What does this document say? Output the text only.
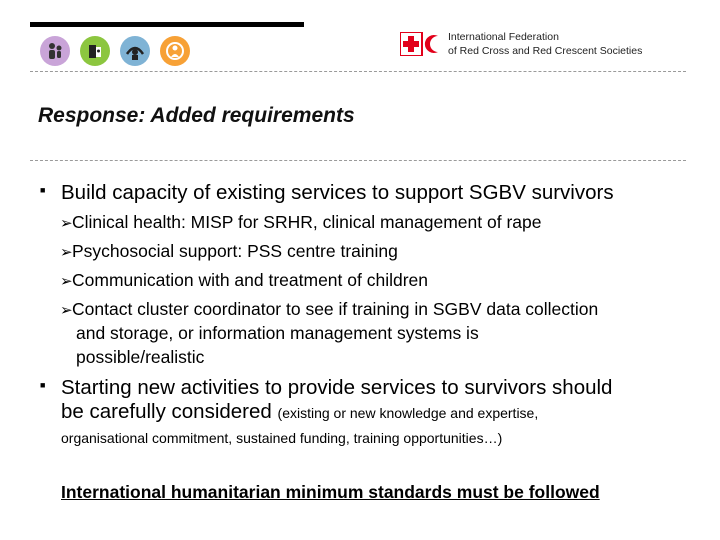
International Federation
of Red Cross and Red Crescent Societies
Response: Added requirements
■ Build capacity of existing services to support SGBV survivors
➢Clinical health: MISP for SRHR, clinical management of rape
➢Psychosocial support: PSS centre training
➢Communication with and treatment of children
➢Contact cluster coordinator to see if training in SGBV data collection
and storage, or information management systems is
possible/realistic
■ Starting new activities to provide services to survivors should
be carefully considered (existing or new knowledge and expertise,
organisational commitment, sustained funding, training opportunities…)
International humanitarian minimum standards must be followed
